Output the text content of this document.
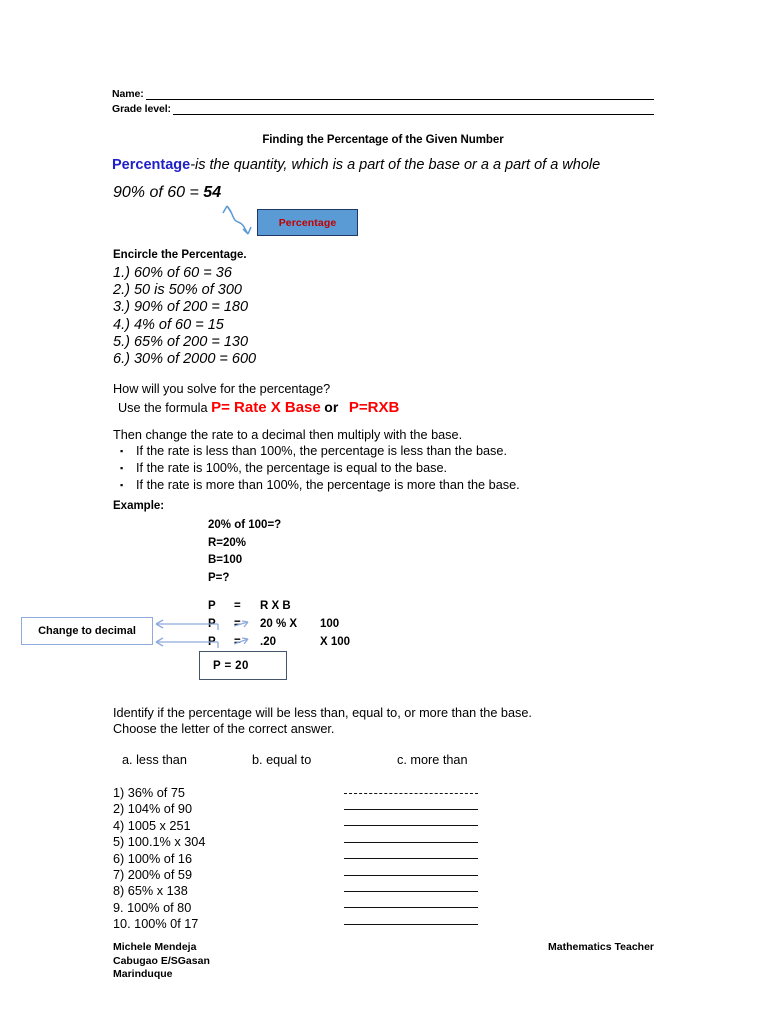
Name:
Grade level:
Finding the Percentage of the Given Number
Percentage-is the quantity, which is a part of the base or a a part of a whole
90% of 60 = 54
Percentage
Encircle the Percentage.
1.) 60% of 60 = 36
2.) 50 is 50% of 300
3.) 90% of 200 = 180
4.) 4% of 60 = 15
5.) 65% of 200 = 130
6.) 30% of 2000 = 600
How will you solve for the percentage?
Use the formula P= Rate X Base or P=RXB
Then change the rate to a decimal then multiply with the base.
▪	If the rate is less than 100%, the percentage is less than the base.
▪	If the rate is 100%, the percentage is equal to the base.
▪	If the rate is more than 100%, the percentage is more than the base.
Example:
20% of 100=?
R=20%
B=100
P=?
P = R X B
P = 20 % X 100
P = .20	X 100
Change to decimal
P = 20
Identify if the percentage will be less than, equal to, or more than the base.
Choose the letter of the correct answer.
a. less than	b. equal to	c. more than
1) 36% of 75
2) 104% of 90
4) 1005 x 251
5) 100.1% x 304
6) 100% of 16
7) 200% of 59
8) 65% x 138
9. 100% of 80
10. 100% 0f 17
Michele Mendeja
Cabugao E/SGasan
Marinduque
Mathematics Teacher
